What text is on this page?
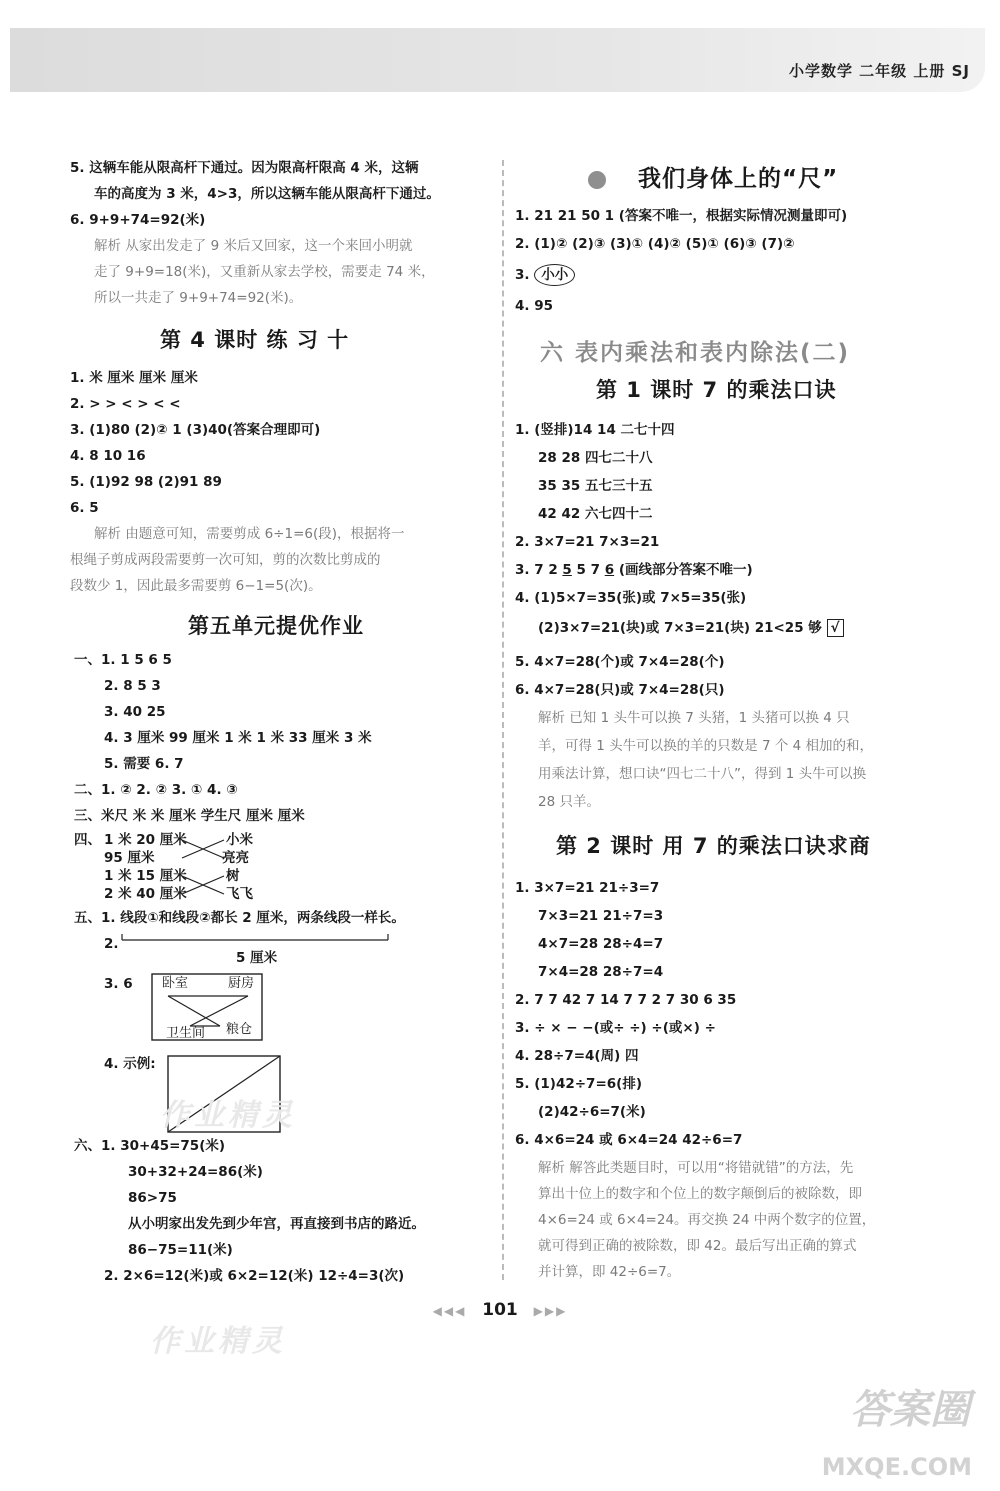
小学数学 二年级 上册 SJ
5. 这辆车能从限高杆下通过。因为限高杆限高 4 米，这辆
车的高度为 3 米，4>3，所以这辆车能从限高杆下通过。
6. 9+9+74=92(米)
解析 从家出发走了 9 米后又回家，这一个来回小明就
走了 9+9=18(米)，又重新从家去学校，需要走 74 米，
所以一共走了 9+9+74=92(米)。
第 4 课时 练 习 十
1. 米 厘米 厘米 厘米
2. > > < > < <
3. (1)80 (2)② 1 (3)40(答案合理即可)
4. 8 10 16
5. (1)92 98 (2)91 89
6. 5
解析 由题意可知，需要剪成 6÷1=6(段)，根据将一
根绳子剪成两段需要剪一次可知，剪的次数比剪成的
段数少 1，因此最多需要剪 6−1=5(次)。
第五单元提优作业
一、1. 1 5 6 5
2. 8 5 3
3. 40 25
4. 3 厘米 99 厘米 1 米 1 米 33 厘米 3 米
5. 需要 6. 7
二、1. ② 2. ② 3. ① 4. ③
三、米尺 米 米 厘米 学生尺 厘米 厘米
四、 1 米 20 厘米
95 厘米
1 米 15 厘米
2 米 40 厘米
小米
亮亮
树
飞飞
五、1. 线段①和线段②都长 2 厘米，两条线段一样长。
2.
5 厘米
3. 6 卧室	厨房
卫生间 粮仓
4. 示例:
六、1. 30+45=75(米)
30+32+24=86(米)
86>75
从小明家出发先到少年宫，再直接到书店的路近。
86−75=11(米)
2. 2×6=12(米)或 6×2=12(米) 12÷4=3(次)
我们身体上的“尺”
1. 21 21 50 1 (答案不唯一，根据实际情况测量即可)
2. (1)② (2)③ (3)① (4)② (5)① (6)③ (7)②
3. 小小
4. 95
六 表内乘法和表内除法(二)
第 1 课时 7 的乘法口诀
1. (竖排)14 14 二七十四
28 28 四七二十八
35 35 五七三十五
42 42 六七四十二
2. 3×7=21 7×3=21
3. 7 2 5 5 7 6 (画线部分答案不唯一)
4. (1)5×7=35(张)或 7×5=35(张)
(2)3×7=21(块)或 7×3=21(块) 21<25 够 √
5. 4×7=28(个)或 7×4=28(个)
6. 4×7=28(只)或 7×4=28(只)
解析 已知 1 头牛可以换 7 头猪，1 头猪可以换 4 只
羊，可得 1 头牛可以换的羊的只数是 7 个 4 相加的和，
用乘法计算，想口诀“四七二十八”，得到 1 头牛可以换
28 只羊。
第 2 课时 用 7 的乘法口诀求商
1. 3×7=21 21÷3=7
7×3=21 21÷7=3
4×7=28 28÷4=7
7×4=28 28÷7=4
2. 7 7 42 7 14 7 7 2 7 30 6 35
3. ÷ × − −(或÷ ÷) ÷(或×) ÷
4. 28÷7=4(周) 四
5. (1)42÷7=6(排)
(2)42÷6=7(米)
6. 4×6=24 或 6×4=24 42÷6=7
解析 解答此类题目时，可以用“将错就错”的方法，先
算出十位上的数字和个位上的数字颠倒后的被除数，即
4×6=24 或 6×4=24。再交换 24 中两个数字的位置，
就可得到正确的被除数，即 42。最后写出正确的算式
并计算，即 42÷6=7。
◀◀◀ 101 ▶▶▶
作业精灵
作业精灵
答案圈
MXQE.COM
